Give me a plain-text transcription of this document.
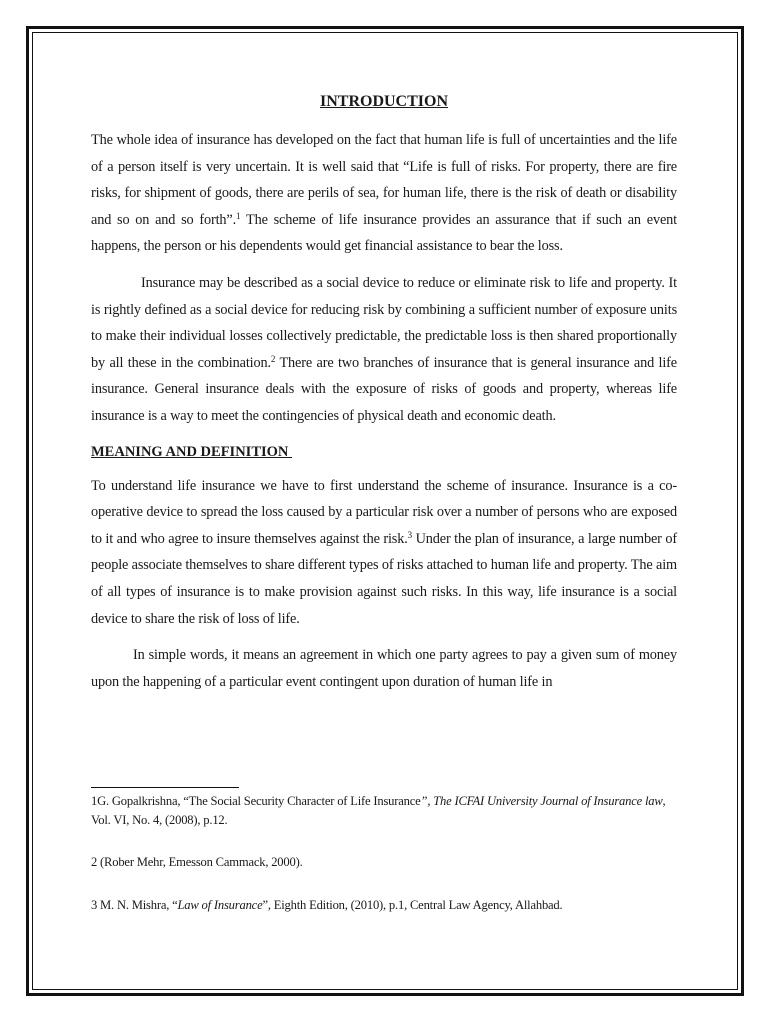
INTRODUCTION

The whole idea of insurance has developed on the fact that human life is full of uncertainties and the life of a person itself is very uncertain. It is well said that “Life is full of risks. For property, there are fire risks, for shipment of goods, there are perils of sea, for human life, there is the risk of death or disability and so on and so forth”.$^1$ The scheme of life insurance provides an assurance that if such an event happens, the person or his dependents would get financial assistance to bear the loss.

Insurance may be described as a social device to reduce or eliminate risk to life and property. It is rightly defined as a social device for reducing risk by combining a sufficient number of exposure units to make their individual losses collectively predictable, the predictable loss is then shared proportionally by all these in the combination.$^2$ There are two branches of insurance that is general insurance and life insurance. General insurance deals with the exposure of risks of goods and property, whereas life insurance is a way to meet the contingencies of physical death and economic death.

MEANING AND DEFINITION

To understand life insurance we have to first understand the scheme of insurance. Insurance is a co-operative device to spread the loss caused by a particular risk over a number of persons who are exposed to it and who agree to insure themselves against the risk.$^3$ Under the plan of insurance, a large number of people associate themselves to share different types of risks attached to human life and property. The aim of all types of insurance is to make provision against such risks. In this way, life insurance is a social device to share the risk of loss of life.

In simple words, it means an agreement in which one party agrees to pay a given sum of money upon the happening of a particular event contingent upon duration of human life in

1G. Gopalkrishna, “The Social Security Character of Life Insurance”, The ICFAI University Journal of Insurance law, Vol. VI, No. 4, (2008), p.12.
2 (Rober Mehr, Emesson Cammack, 2000).
3 M. N. Mishra, “Law of Insurance”, Eighth Edition, (2010), p.1, Central Law Agency, Allahbad.
